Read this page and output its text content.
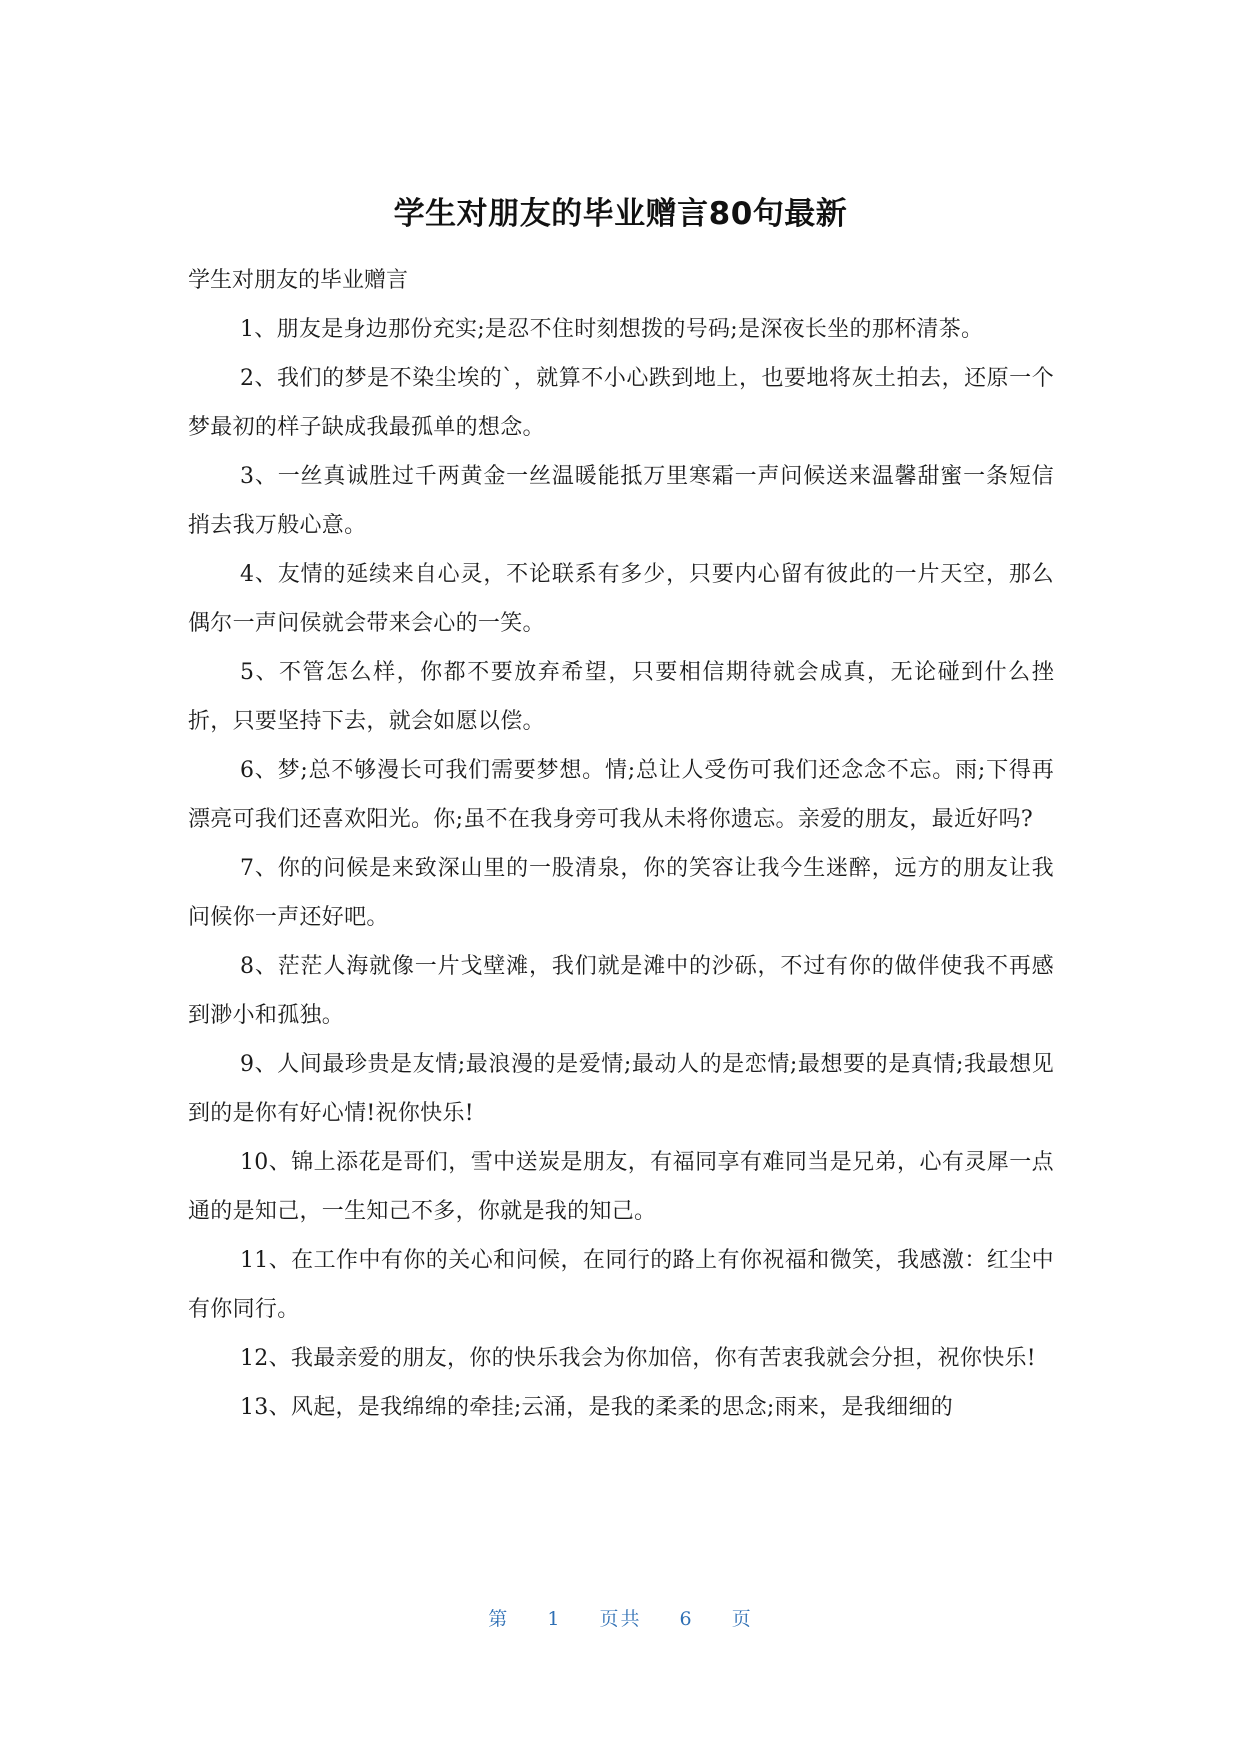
学生对朋友的毕业赠言80句最新

学生对朋友的毕业赠言

1、朋友是身边那份充实;是忍不住时刻想拨的号码;是深夜长坐的那杯清茶。

2、我们的梦是不染尘埃的`，就算不小心跌到地上，也要地将灰土拍去，还原一个梦最初的样子缺成我最孤单的想念。

3、一丝真诚胜过千两黄金一丝温暖能抵万里寒霜一声问候送来温馨甜蜜一条短信捎去我万般心意。

4、友情的延续来自心灵，不论联系有多少，只要内心留有彼此的一片天空，那么偶尔一声问侯就会带来会心的一笑。

5、不管怎么样，你都不要放弃希望，只要相信期待就会成真，无论碰到什么挫折，只要坚持下去，就会如愿以偿。

6、梦;总不够漫长可我们需要梦想。情;总让人受伤可我们还念念不忘。雨;下得再漂亮可我们还喜欢阳光。你;虽不在我身旁可我从未将你遗忘。亲爱的朋友，最近好吗?

7、你的问候是来致深山里的一股清泉，你的笑容让我今生迷醉，远方的朋友让我问候你一声还好吧。

8、茫茫人海就像一片戈壁滩，我们就是滩中的沙砾，不过有你的做伴使我不再感到渺小和孤独。

9、人间最珍贵是友情;最浪漫的是爱情;最动人的是恋情;最想要的是真情;我最想见到的是你有好心情!祝你快乐!

10、锦上添花是哥们，雪中送炭是朋友，有福同享有难同当是兄弟，心有灵犀一点通的是知己，一生知己不多，你就是我的知己。

11、在工作中有你的关心和问候，在同行的路上有你祝福和微笑，我感激：红尘中有你同行。

12、我最亲爱的朋友，你的快乐我会为你加倍，你有苦衷我就会分担，祝你快乐!

13、风起，是我绵绵的牵挂;云涌，是我的柔柔的思念;雨来，是我细细的

第 1 页共 6 页
